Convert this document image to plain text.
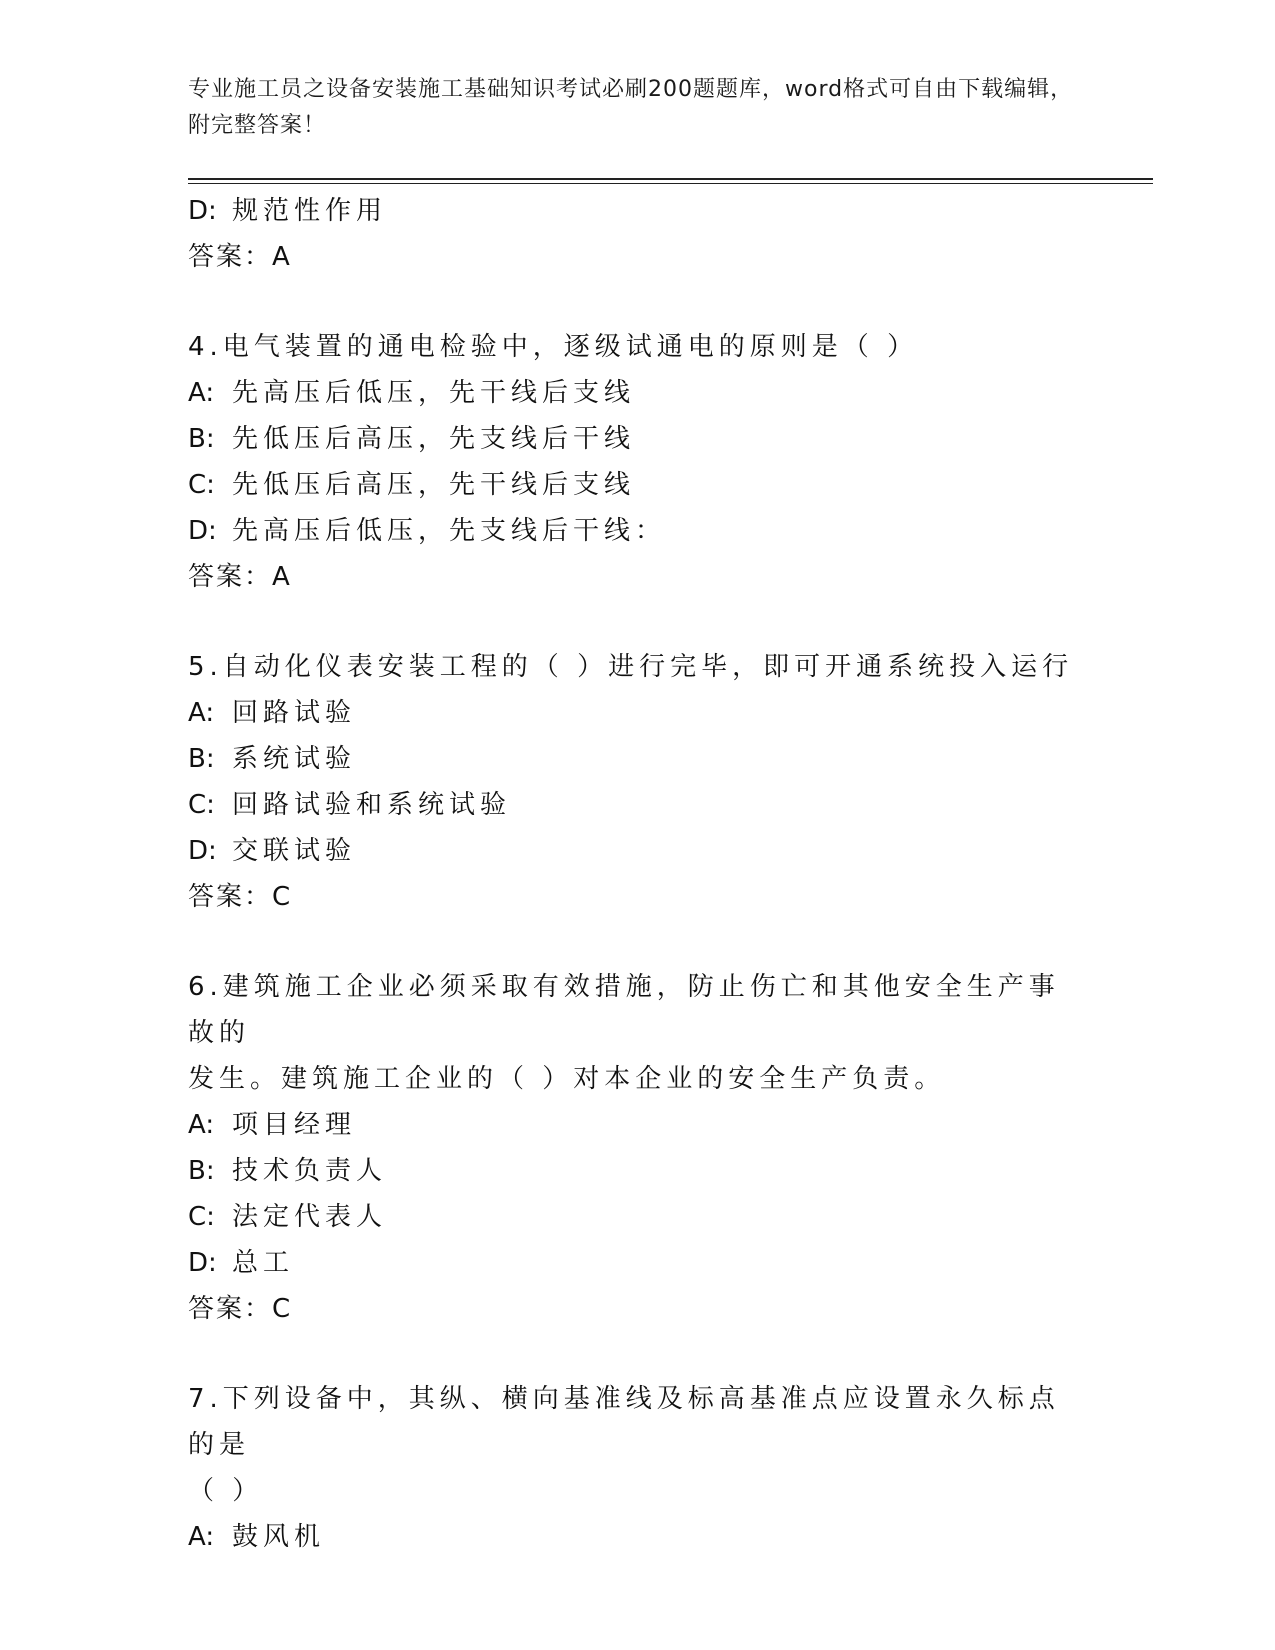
专业施工员之设备安装施工基础知识考试必刷200题题库，word格式可自由下载编辑，附完整答案！
D: 规范性作用
答案：A
4.电气装置的通电检验中，逐级试通电的原则是（ ）
A: 先高压后低压，先干线后支线
B: 先低压后高压，先支线后干线
C: 先低压后高压，先干线后支线
D: 先高压后低压，先支线后干线：
答案：A
5.自动化仪表安装工程的（ ）进行完毕，即可开通系统投入运行
A: 回路试验
B: 系统试验
C: 回路试验和系统试验
D: 交联试验
答案：C
6.建筑施工企业必须采取有效措施，防止伤亡和其他安全生产事故的
发生。建筑施工企业的（ ）对本企业的安全生产负责。
A: 项目经理
B: 技术负责人
C: 法定代表人
D: 总工
答案：C
7.下列设备中，其纵、横向基准线及标高基准点应设置永久标点的是
（ ）
A: 鼓风机
